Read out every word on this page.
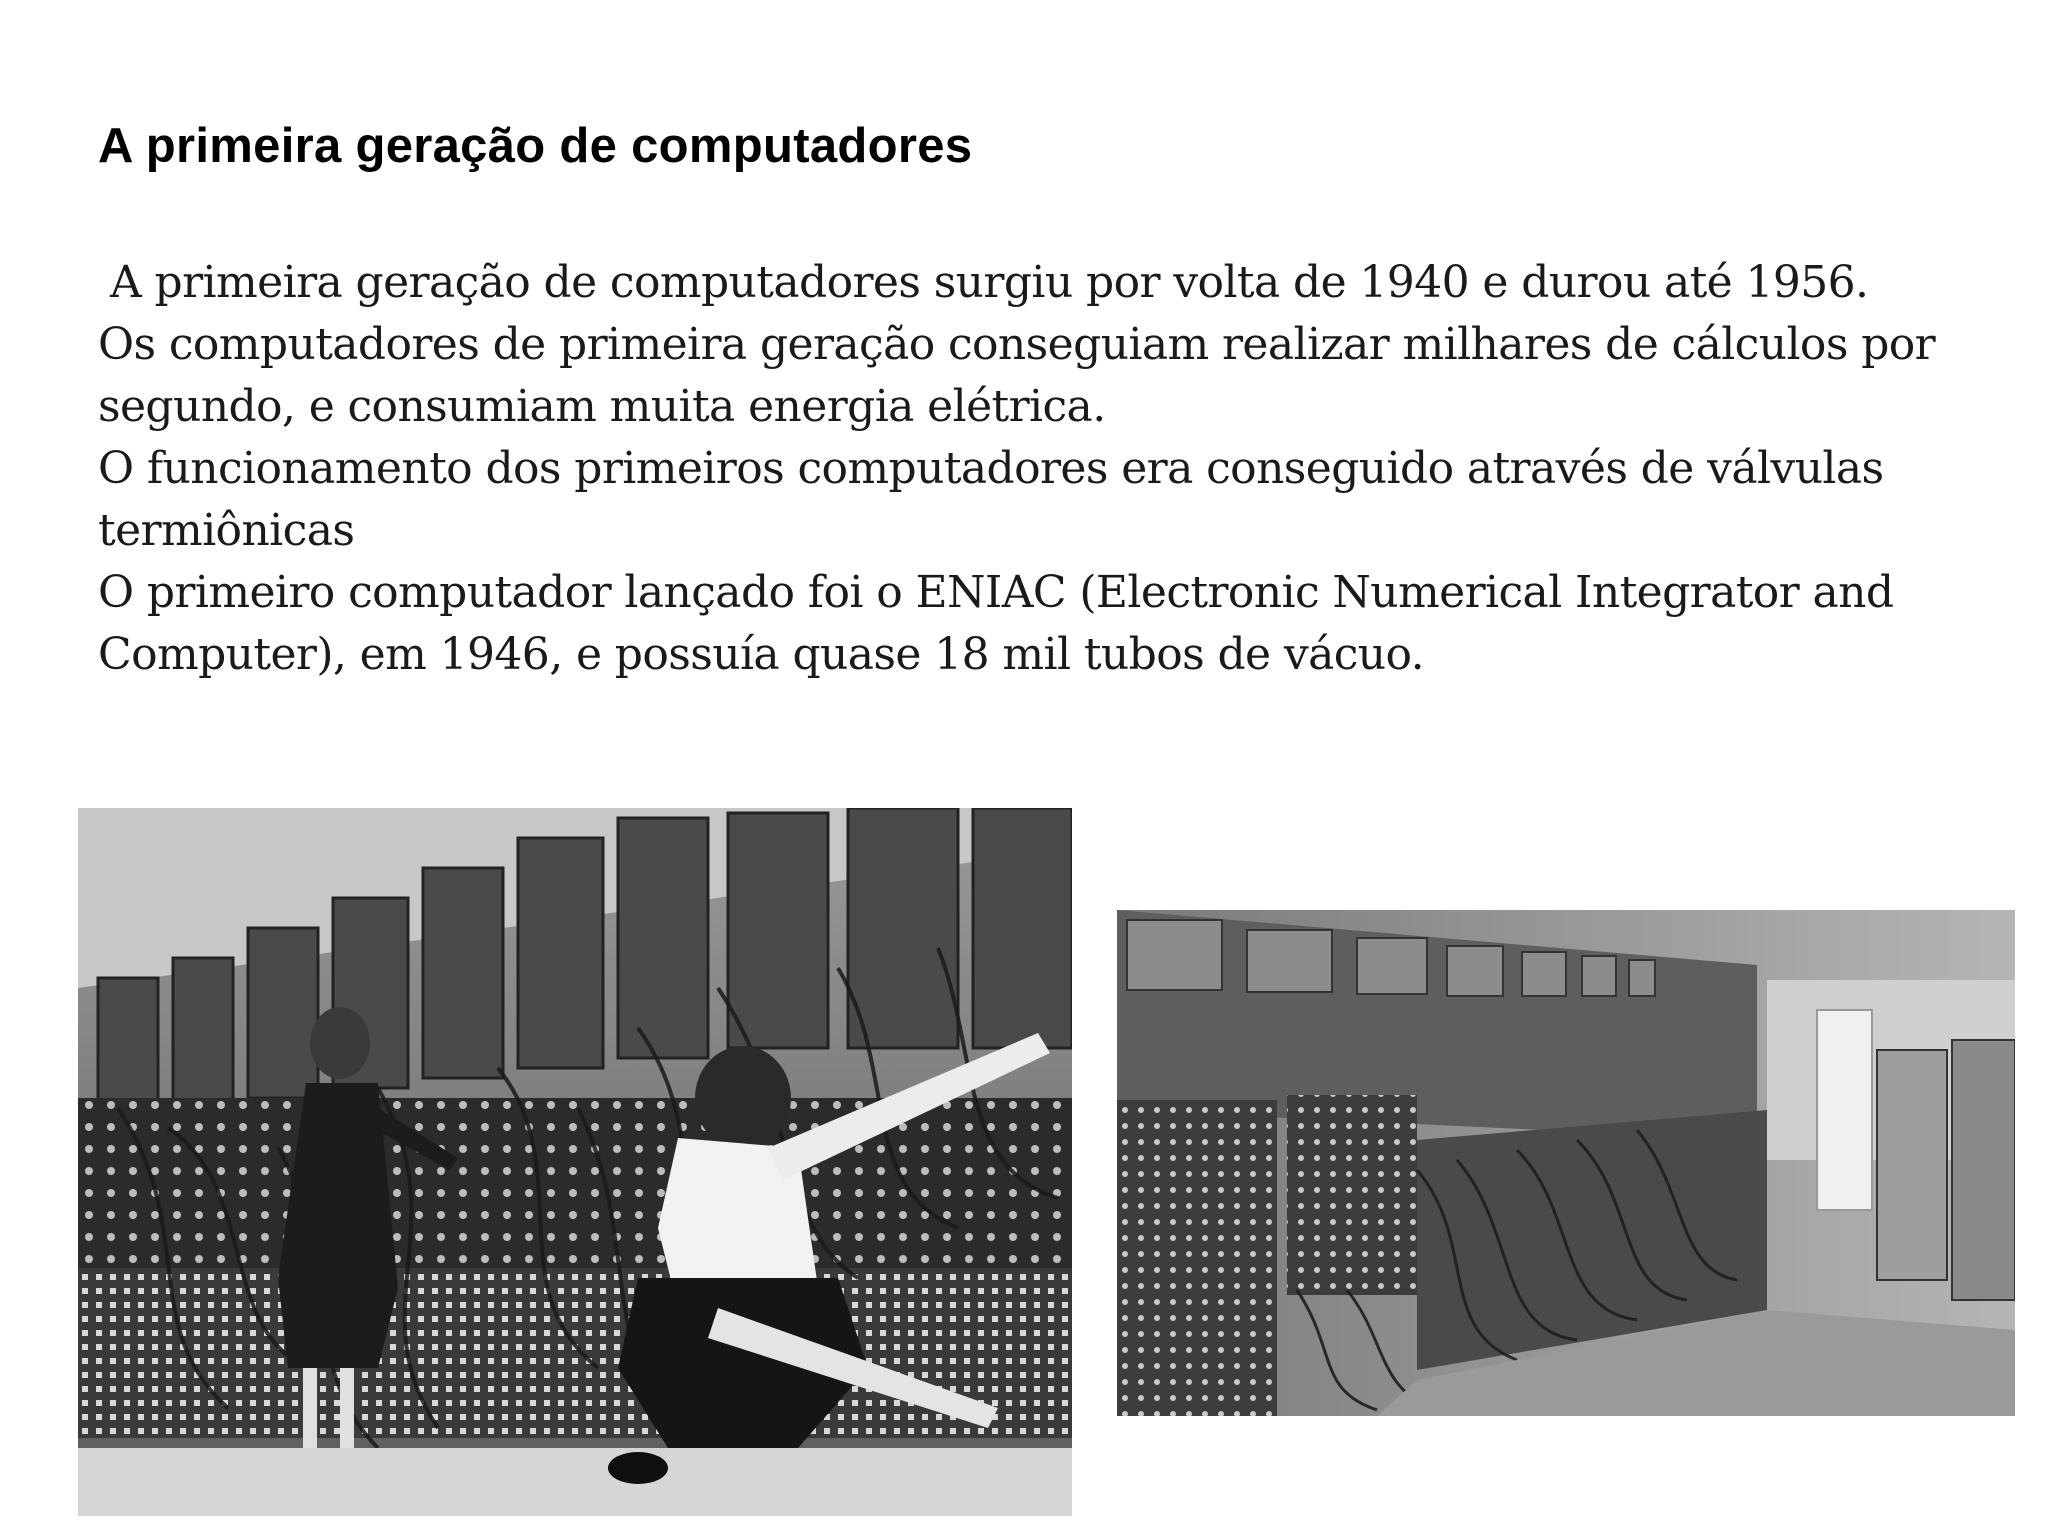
A primeira geração de computadores

A primeira geração de computadores surgiu por volta de 1940 e durou até 1956.

Os computadores de primeira geração conseguiam realizar milhares de cálculos por

segundo, e consumiam muita energia elétrica.

O funcionamento dos primeiros computadores era conseguido através de válvulas

termiônicas

O primeiro computador lançado foi o ENIAC (Electronic Numerical Integrator and

Computer), em 1946, e possuía quase 18 mil tubos de vácuo.
